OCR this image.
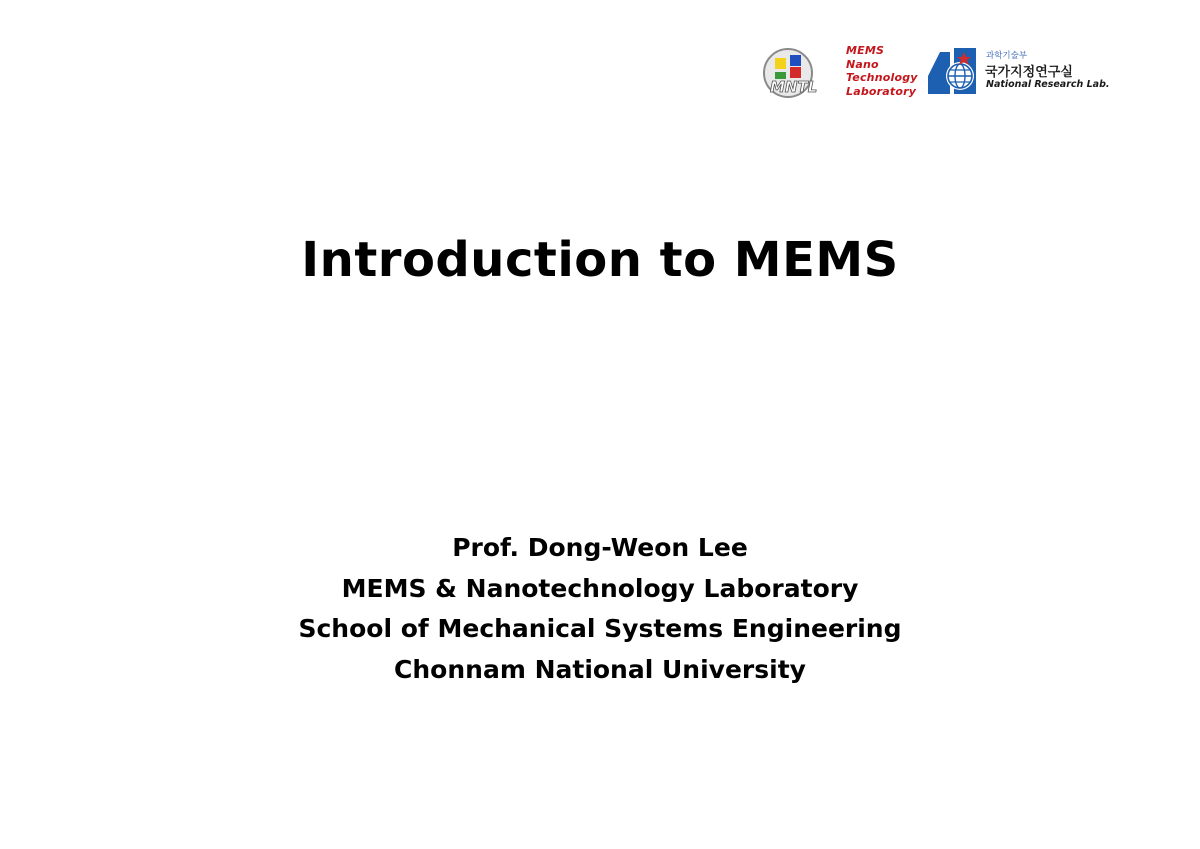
MNTL
MEMS
Nano
Technology
Laboratory
과학기술부
국가지정연구실
National Research Lab.
Introduction to MEMS
Prof. Dong-Weon Lee
MEMS & Nanotechnology Laboratory
School of Mechanical Systems Engineering
Chonnam National University
